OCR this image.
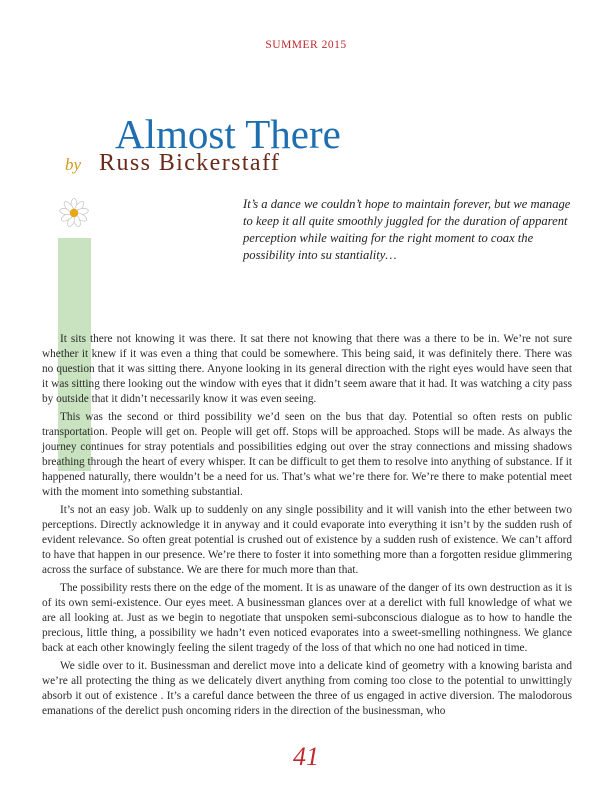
SUMMER 2015
Almost There
by Russ Bickerstaff

It’s a dance we couldn’t hope to maintain forever, but we manage to keep it all quite smoothly juggled for the duration of apparent perception while waiting for the right moment to coax the possibility into su stantiality…

It sits there not knowing it was there. It sat there not knowing that there was a there to be in. We’re not sure whether it knew if it was even a thing that could be somewhere. This being said, it was definitely there. There was no question that it was sitting there. Anyone looking in its general direction with the right eyes would have seen that it was sitting there looking out the window with eyes that it didn’t seem aware that it had. It was watching a city pass by outside that it didn’t necessarily know it was even seeing.

This was the second or third possibility we’d seen on the bus that day. Potential so often rests on public transportation. People will get on. People will get off. Stops will be approached. Stops will be made. As always the journey continues for stray potentials and possibilities edging out over the stray connections and missing shadows breathing through the heart of every whisper. It can be difficult to get them to resolve into anything of substance. If it happened naturally, there wouldn’t be a need for us. That’s what we’re there for. We’re there to make potential meet with the moment into something substantial.

It’s not an easy job. Walk up to suddenly on any single possibility and it will vanish into the ether between two perceptions. Directly acknowledge it in anyway and it could evaporate into everything it isn’t by the sudden rush of evident relevance. So often great potential is crushed out of existence by a sudden rush of existence. We can’t afford to have that happen in our presence. We’re there to foster it into something more than a forgotten residue glimmering across the surface of substance. We are there for much more than that.

The possibility rests there on the edge of the moment. It is as unaware of the danger of its own destruction as it is of its own semi-existence. Our eyes meet. A businessman glances over at a derelict with full knowledge of what we are all looking at. Just as we begin to negotiate that unspoken semi-subconscious dialogue as to how to handle the precious, little thing, a possibility we hadn’t even noticed evaporates into a sweet-smelling nothingness. We glance back at each other knowingly feeling the silent tragedy of the loss of that which no one had noticed in time.

We sidle over to it. Businessman and derelict move into a delicate kind of geometry with a knowing barista and we’re all protecting the thing as we delicately divert anything from coming too close to the potential to unwittingly absorb it out of existence . It’s a careful dance between the three of us engaged in active diversion. The malodorous emanations of the derelict push oncoming riders in the direction of the businessman, who

41
